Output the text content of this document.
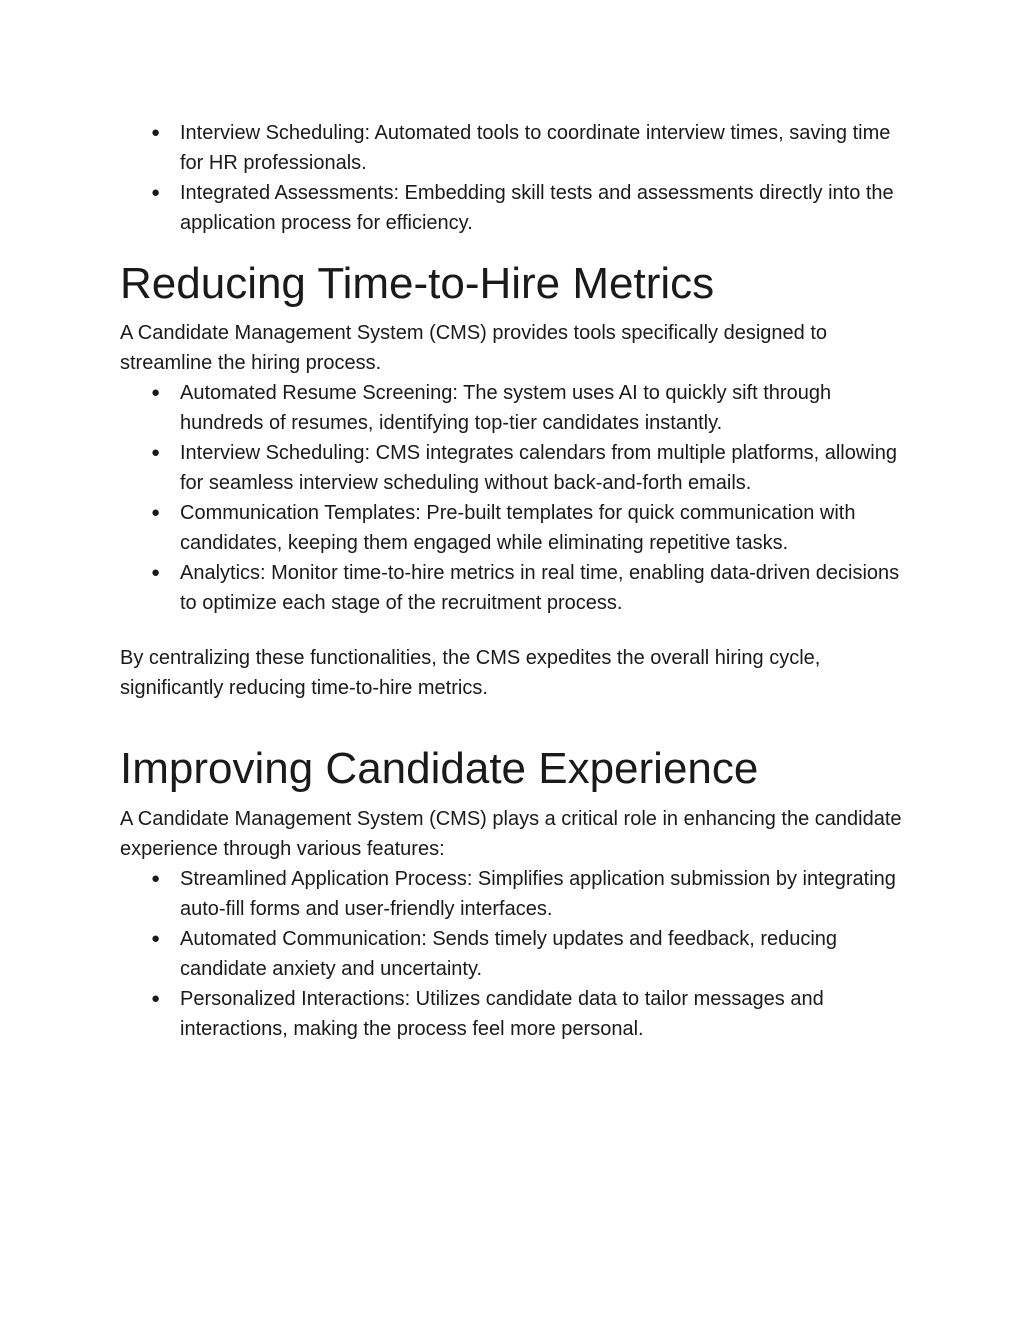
● Interview Scheduling: Automated tools to coordinate interview times, saving time for HR professionals.
● Integrated Assessments: Embedding skill tests and assessments directly into the application process for efficiency.
Reducing Time-to-Hire Metrics

A Candidate Management System (CMS) provides tools specifically designed to streamline the hiring process.

● Automated Resume Screening: The system uses AI to quickly sift through hundreds of resumes, identifying top-tier candidates instantly.
● Interview Scheduling: CMS integrates calendars from multiple platforms, allowing for seamless interview scheduling without back-and-forth emails.
● Communication Templates: Pre-built templates for quick communication with candidates, keeping them engaged while eliminating repetitive tasks.
● Analytics: Monitor time-to-hire metrics in real time, enabling data-driven decisions to optimize each stage of the recruitment process.

By centralizing these functionalities, the CMS expedites the overall hiring cycle, significantly reducing time-to-hire metrics.

Improving Candidate Experience

A Candidate Management System (CMS) plays a critical role in enhancing the candidate experience through various features:

● Streamlined Application Process: Simplifies application submission by integrating auto-fill forms and user-friendly interfaces.
● Automated Communication: Sends timely updates and feedback, reducing candidate anxiety and uncertainty.
● Personalized Interactions: Utilizes candidate data to tailor messages and interactions, making the process feel more personal.
